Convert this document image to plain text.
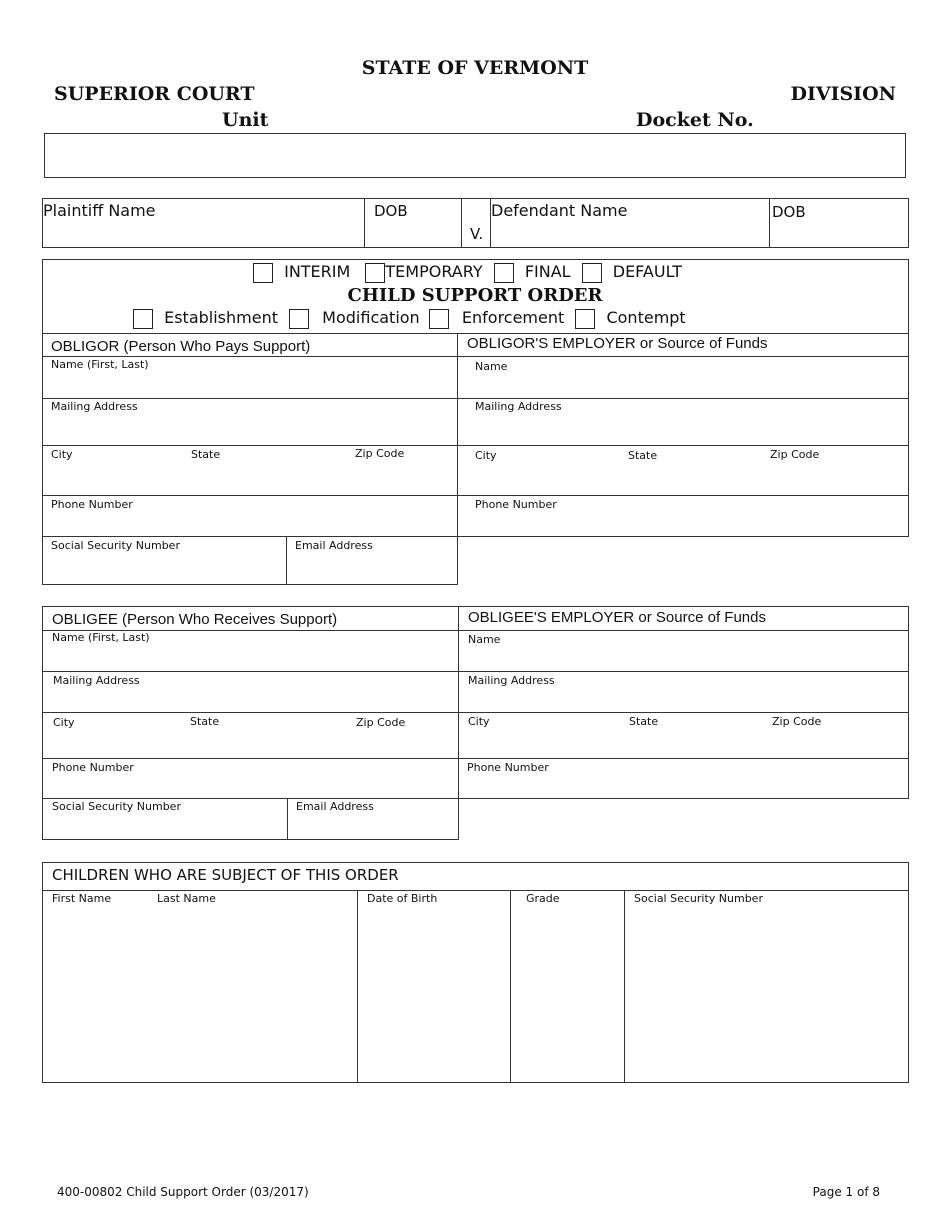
STATE OF VERMONT
SUPERIOR COURT	DIVISION
Unit	Docket No.
Plaintiff Name	DOB
V.
Defendant Name	DOB
INTERIM TEMPORARY	FINAL	DEFAULT
CHILD SUPPORT ORDER
Establishment	Modification	Enforcement	Contempt
OBLIGOR (Person Who Pays Support)
Name (First, Last)
Mailing Address
City	State	Zip Code
Phone Number
Social Security Number	Email Address
OBLIGOR'S EMPLOYER or Source of Funds
Name
Mailing Address
City	State	Zip Code
Phone Number
OBLIGEE (Person Who Receives Support)
Name (First, Last)
Mailing Address
City	State	Zip Code
Phone Number
Social Security Number	Email Address
OBLIGEE'S EMPLOYER or Source of Funds
Name
Mailing Address
City	State	Zip Code
Phone Number
CHILDREN WHO ARE SUBJECT OF THIS ORDER
First Name	Last Name	Date of Birth	Grade	Social Security Number
400-00802 Child Support Order (03/2017)	Page 1 of 8
